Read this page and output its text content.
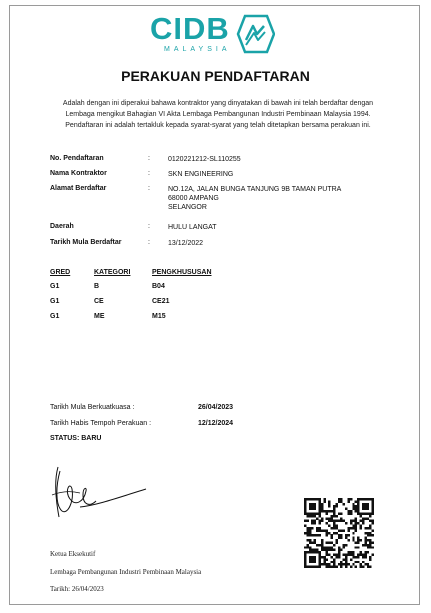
CIDB
MALAYSIA
PERAKUAN PENDAFTARAN
Adalah dengan ini diperakui bahawa kontraktor yang dinyatakan di bawah ini telah berdaftar dengan
Lembaga mengikut Bahagian VI Akta Lembaga Pembangunan Industri Pembinaan Malaysia 1994.
Pendaftaran ini adalah tertakluk kepada syarat-syarat yang telah ditetapkan bersama perakuan ini.
No. Pendaftaran	:	0120221212-SL110255
Nama Kontraktor	:	SKN ENGINEERING
Alamat Berdaftar	:	NO.12A, JALAN BUNGA TANJUNG 9B TAMAN PUTRA
68000 AMPANG
SELANGOR
Daerah	:	HULU LANGAT
Tarikh Mula Berdaftar	:	13/12/2022
GRED	KATEGORI	PENGKHUSUSAN
G1	B	B04
G1	CE	CE21
G1	ME	M15
Tarikh Mula Berkuatkuasa :	26/04/2023
Tarikh Habis Tempoh Perakuan :	12/12/2024
STATUS: BARU
Ketua Eksekutif
Lembaga Pembangunan Industri Pembinaan Malaysia
Tarikh: 26/04/2023
